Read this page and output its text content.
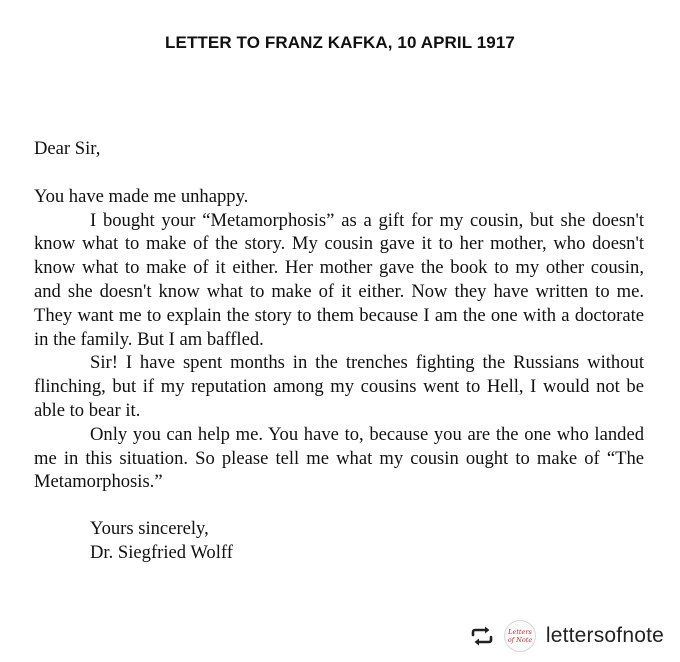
LETTER TO FRANZ KAFKA, 10 APRIL 1917

Dear Sir,

You have made me unhappy.

I bought your “Metamorphosis” as a gift for my cousin, but she doesn't know what to make of the story. My cousin gave it to her mother, who doesn't know what to make of it either. Her mother gave the book to my other cousin, and she doesn't know what to make of it either. Now they have written to me. They want me to explain the story to them because I am the one with a doctorate in the family. But I am baffled.

Sir! I have spent months in the trenches fighting the Russians without flinching, but if my reputation among my cousins went to Hell, I would not be able to bear it.

Only you can help me. You have to, because you are the one who landed me in this situation. So please tell me what my cousin ought to make of “The Metamorphosis.”

Yours sincerely,
Dr. Siegfried Wolff
Letters
of Note lettersofnote
